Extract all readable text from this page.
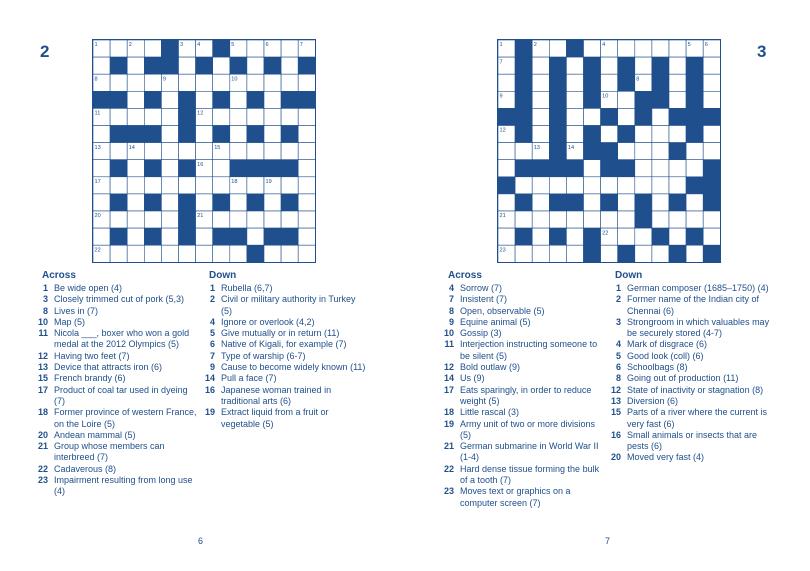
2	1	2	3 4	5	6	7
8	9	10
11	12
13	14	15
16
17	18	19
20	21
22	23
Across
1 Be wide open (4)
3 Closely trimmed cut of pork (5,3)
8 Lives in (7)
10 Map (5)
11 Nicola ___, boxer who won a gold medal at the 2012 Olympics (5)
12 Having two feet (7)
13 Device that attracts iron (6)
15 French brandy (6)
17 Product of coal tar used in dyeing (7)
18 Former province of western France, on the Loire (5)
20 Andean mammal (5)
21 Group whose members can interbreed (7)
22 Cadaverous (8)
23 Impairment resulting from long use (4)
Down
1 Rubella (6,7)
2 Civil or military authority in Turkey (5)
4 Ignore or overlook (4,2)
5 Give mutually or in return (11)
6 Native of Kigali, for example (7)
7 Type of warship (6-7)
9 Cause to become widely known (11)
14 Pull a face (7)
16 Japanese woman trained in traditional arts (6)
19 Extract liquid from a fruit or vegetable (5)
6
1	2	3	4	5 6
7
8
9	10
11
12
13	14	15	16
17
18	19	20
21
22
23
3
Across
4 Sorrow (7)
7 Insistent (7)
8 Open, observable (5)
9 Equine animal (5)
10 Gossip (3)
11 Interjection instructing someone to be silent (5)
12 Bold outlaw (9)
14 Us (9)
17 Eats sparingly, in order to reduce weight (5)
18 Little rascal (3)
19 Army unit of two or more divisions (5)
21 German submarine in World War II (1-4)
22 Hard dense tissue forming the bulk of a tooth (7)
23 Moves text or graphics on a computer screen (7)
Down
1 German composer (1685–1750) (4)
2 Former name of the Indian city of Chennai (6)
3 Strongroom in which valuables may be securely stored (4-7)
4 Mark of disgrace (6)
5 Good look (coll) (6)
6 Schoolbags (8)
8 Going out of production (11)
12 State of inactivity or stagnation (8)
13 Diversion (6)
15 Parts of a river where the current is very fast (6)
16 Small animals or insects that are pests (6)
20 Moved very fast (4)
7
